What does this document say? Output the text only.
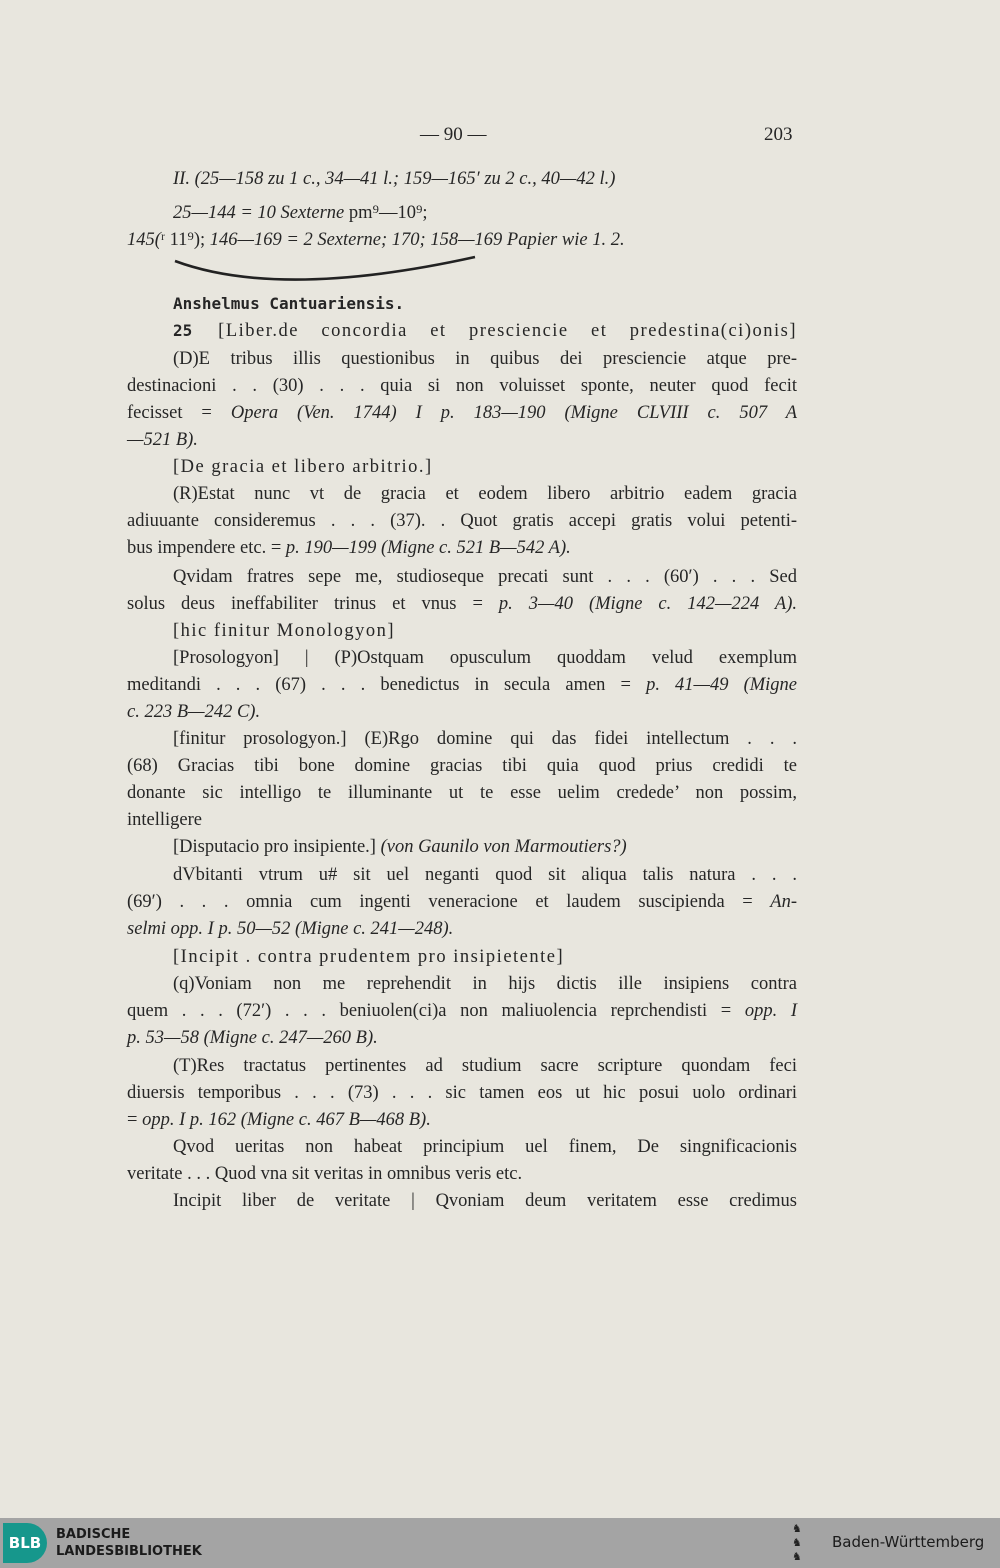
— 90 —	203
II. (25—158 zu 1 c., 34—41 l.; 159—165′ zu 2 c., 40—42 l.)
25—144 = 10 Sexterne pm⁹—10⁹;
145(ʳ 11⁹); 146—169 = 2 Sexterne; 170; 158—169 Papier wie 1. 2.
Anshelmus Cantuariensis.
25 [Liber.de concordia et presciencie et predestina(ci)onis]
(D)E tribus illis questionibus in quibus dei presciencie atque pre-
destinacioni . . (30) . . . quia si non voluisset sponte, neuter quod fecit
fecisset = Opera (Ven. 1744) I p. 183—190 (Migne CLVIII c. 507 A
—521 B).
[De gracia et libero arbitrio.]
(R)Estat nunc vt de gracia et eodem libero arbitrio eadem gracia
adiuuante consideremus . . . (37). . Quot gratis accepi gratis volui petenti-
bus impendere etc. = p. 190—199 (Migne c. 521 B—542 A).
Qvidam fratres sepe me, studioseque precati sunt . . . (60′) . . . Sed
solus deus ineffabiliter trinus et vnus = p. 3—40 (Migne c. 142—224 A).
[hic finitur Monologyon]
[Prosologyon] | (P)Ostquam opusculum quoddam velud exemplum
meditandi . . . (67) . . . benedictus in secula amen = p. 41—49 (Migne
c. 223 B—242 C).
[finitur prosologyon.] (E)Rgo domine qui das fidei intellectum . . .
(68) Gracias tibi bone domine gracias tibi quia quod prius credidi te
donante sic intelligo te illuminante ut te esse uelim credede’ non possim,
intelligere
[Disputacio pro insipiente.] (von Gaunilo von Marmoutiers?)
dVbitanti vtrum u# sit uel neganti quod sit aliqua talis natura . . .
(69′) . . . omnia cum ingenti veneracione et laudem suscipienda = An-
selmi opp. I p. 50—52 (Migne c. 241—248).
[Incipit . contra prudentem pro insipietente]
(q)Voniam non me reprehendit in hijs dictis ille insipiens contra
quem . . . (72′) . . . beniuolen(ci)a non maliuolencia reprchendisti = opp. I
p. 53—58 (Migne c. 247—260 B).
(T)Res tractatus pertinentes ad studium sacre scripture quondam feci
diuersis temporibus . . . (73) . . . sic tamen eos ut hic posui uolo ordinari
= opp. I p. 162 (Migne c. 467 B—468 B).
Qvod ueritas non habeat principium uel finem, De singnificacionis
veritate . . . Quod vna sit veritas in omnibus veris etc.
Incipit liber de veritate | Qvoniam deum veritatem esse credimus
BLB	BADISCHE
LANDESBIBLIOTHEK
♞
♞
♞
Baden-Württemberg
